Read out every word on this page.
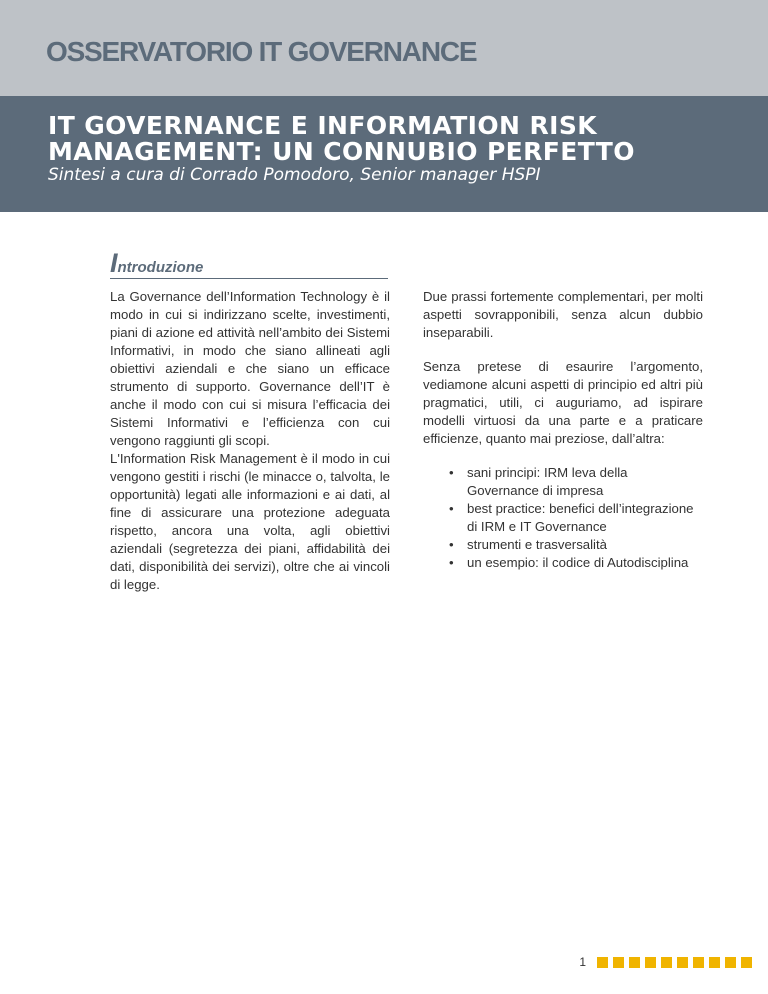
OSSERVATORIO IT GOVERNANCE
IT GOVERNANCE E INFORMATION RISK
MANAGEMENT: UN CONNUBIO PERFETTO
Sintesi a cura di Corrado Pomodoro, Senior manager HSPI
Introduzione

La Governance dell’Information Technology è il modo in cui si indirizzano scelte, investimenti, piani di azione ed attività nell’ambito dei Sistemi Informativi, in modo che siano allineati agli obiettivi aziendali e che siano un efficace strumento di supporto. Governance dell’IT è anche il modo con cui si misura l’efficacia dei Sistemi Informativi e l’efficienza con cui vengono raggiunti gli scopi.

L'Information Risk Management è il modo in cui vengono gestiti i rischi (le minacce o, talvolta, le opportunità) legati alle informazioni e ai dati, al fine di assicurare una protezione adeguata rispetto, ancora una volta, agli obiettivi aziendali (segretezza dei piani, affidabilità dei dati, disponibilità dei servizi), oltre che ai vincoli di legge.

Due prassi fortemente complementari, per molti aspetti sovrapponibili, senza alcun dubbio inseparabili.

Senza pretese di esaurire l’argomento, vediamone alcuni aspetti di principio ed altri più pragmatici, utili, ci auguriamo, ad ispirare modelli virtuosi da una parte e a praticare efficienze, quanto mai preziose, dall’altra:

• sani principi: IRM leva della Governance di impresa
• best practice: benefici dell’integrazione di IRM e IT Governance
• strumenti e trasversalità
• un esempio: il codice di Autodisciplina
1
